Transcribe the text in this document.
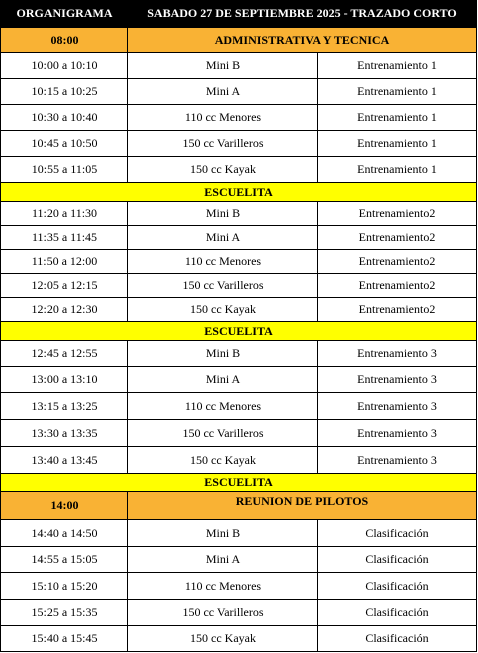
ORGANIGRAMA	SABADO 27 DE SEPTIEMBRE 2025 - TRAZADO CORTO
08:00	ADMINISTRATIVA Y TECNICA
10:00 a 10:10	Mini B	Entrenamiento 1
10:15 a 10:25	Mini A	Entrenamiento 1
10:30 a 10:40	110 cc Menores	Entrenamiento 1
10:45 a 10:50	150 cc Varilleros	Entrenamiento 1
10:55 a 11:05	150 cc Kayak	Entrenamiento 1
ESCUELITA
11:20 a 11:30	Mini B	Entrenamiento2
11:35 a 11:45	Mini A	Entrenamiento2
11:50 a 12:00	110 cc Menores	Entrenamiento2
12:05 a 12:15	150 cc Varilleros	Entrenamiento2
12:20 a 12:30	150 cc Kayak	Entrenamiento2
ESCUELITA
12:45 a 12:55	Mini B	Entrenamiento 3
13:00 a 13:10	Mini A	Entrenamiento 3
13:15 a 13:25	110 cc Menores	Entrenamiento 3
13:30 a 13:35	150 cc Varilleros	Entrenamiento 3
13:40 a 13:45	150 cc Kayak	Entrenamiento 3
ESCUELITA
14:00	REUNION DE PILOTOS
14:40 a 14:50	Mini B	Clasificación
14:55 a 15:05	Mini A	Clasificación
15:10 a 15:20	110 cc Menores	Clasificación
15:25 a 15:35	150 cc Varilleros	Clasificación
15:40 a 15:45	150 cc Kayak	Clasificación
